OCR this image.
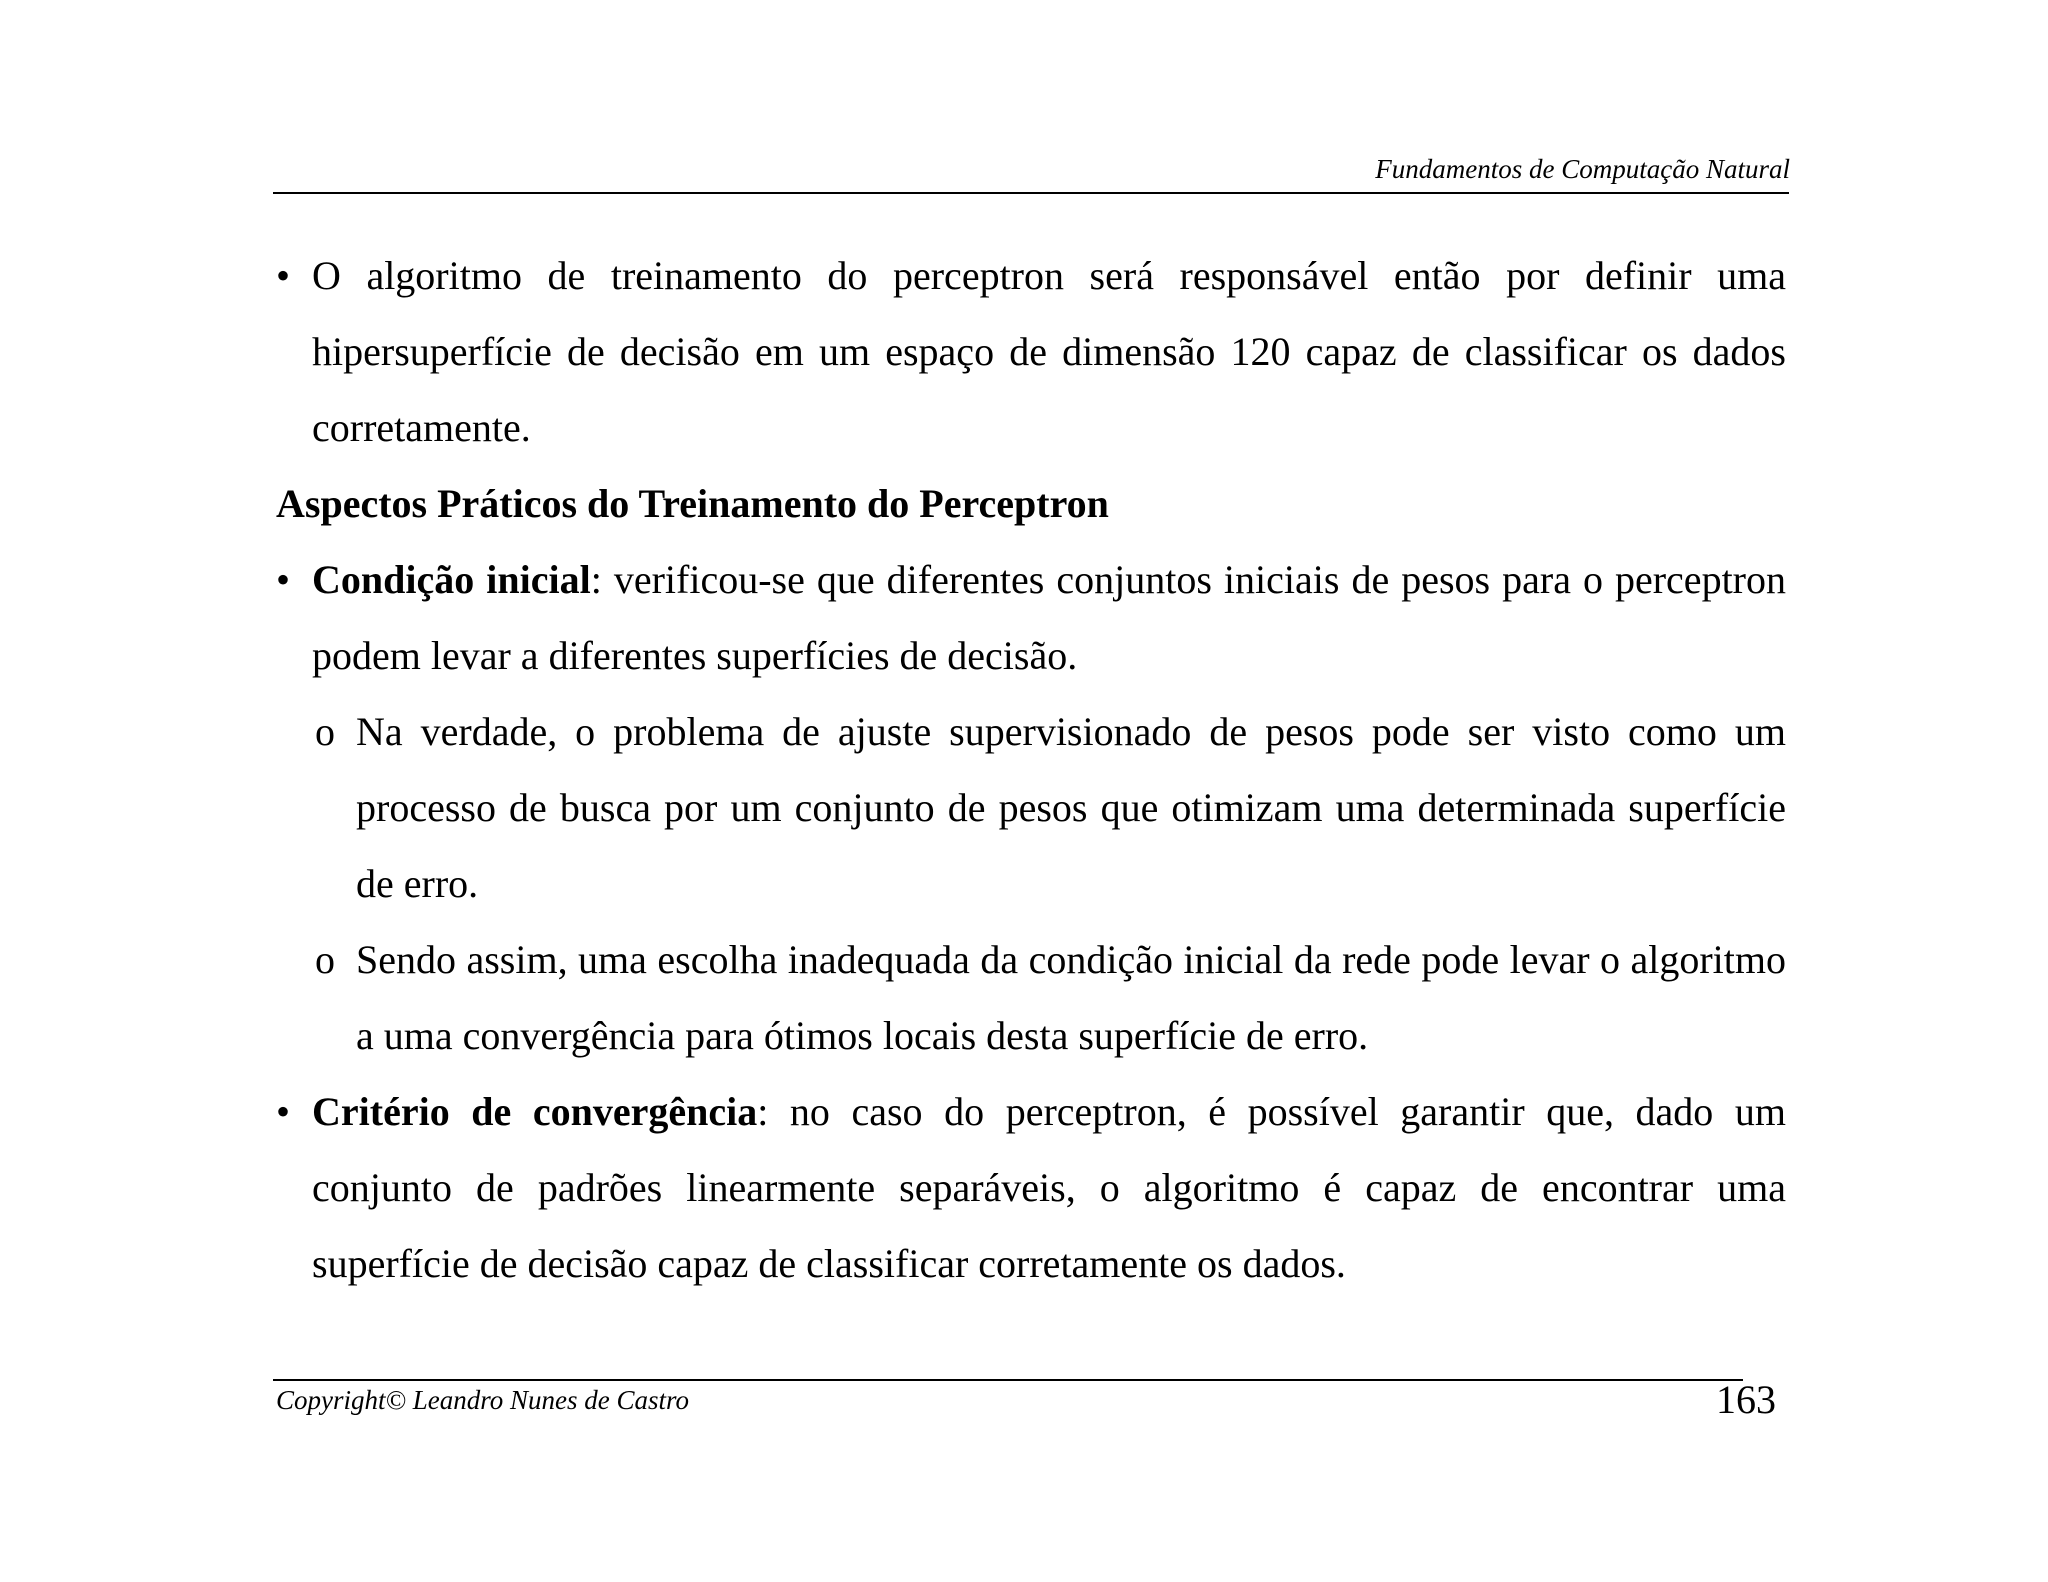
Fundamentos de Computação Natural
• O algoritmo de treinamento do perceptron será responsável então por definir uma hipersuperfície de decisão em um espaço de dimensão 120 capaz de classificar os dados corretamente.
Aspectos Práticos do Treinamento do Perceptron
• Condição inicial: verificou-se que diferentes conjuntos iniciais de pesos para o perceptron podem levar a diferentes superfícies de decisão.
o Na verdade, o problema de ajuste supervisionado de pesos pode ser visto como um processo de busca por um conjunto de pesos que otimizam uma determinada superfície de erro.
o Sendo assim, uma escolha inadequada da condição inicial da rede pode levar o algoritmo a uma convergência para ótimos locais desta superfície de erro.
• Critério de convergência: no caso do perceptron, é possível garantir que, dado um conjunto de padrões linearmente separáveis, o algoritmo é capaz de encontrar uma superfície de decisão capaz de classificar corretamente os dados.
Copyright© Leandro Nunes de Castro	163
